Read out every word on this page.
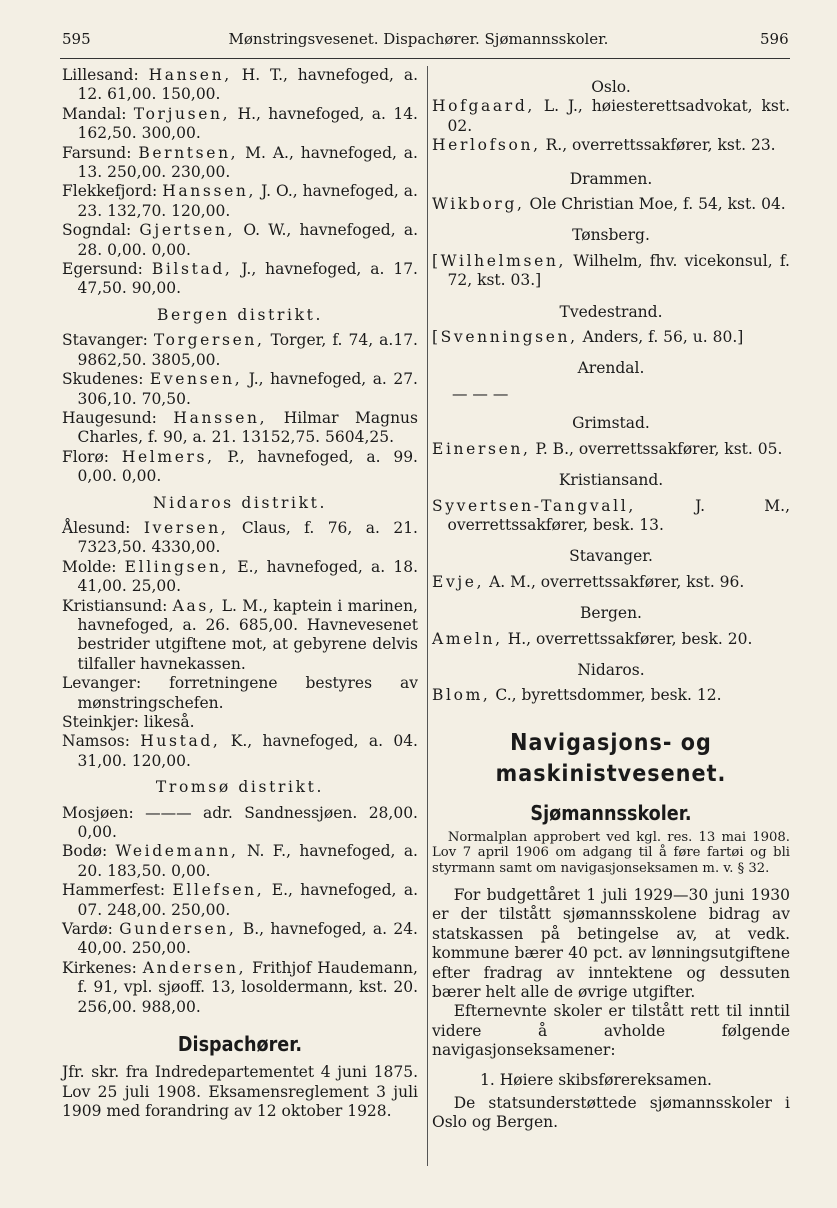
595	Mønstringsvesenet. Dispachører. Sjømannsskoler.	596

Lillesand: Hansen, H. T., havnefoged, a. 12. 61,00. 150,00.

Mandal: Torjusen, H., havnefoged, a. 14. 162,50. 300,00.

Farsund: Berntsen, M. A., havnefoged, a. 13. 250,00. 230,00.

Flekkefjord: Hanssen, J. O., havnefoged, a. 23. 132,70. 120,00.

Sogndal: Gjertsen, O. W., havnefoged, a. 28. 0,00. 0,00.

Egersund: Bilstad, J., havnefoged, a. 17. 47,50. 90,00.

Bergen distrikt.

Stavanger: Torgersen, Torger, f. 74, a.17. 9862,50. 3805,00.

Skudenes: Evensen, J., havnefoged, a. 27. 306,10. 70,50.

Haugesund: Hanssen, Hilmar Magnus Charles, f. 90, a. 21. 13152,75. 5604,25.

Florø: Helmers, P., havnefoged, a. 99. 0,00. 0,00.

Nidaros distrikt.

Ålesund: Iversen, Claus, f. 76, a. 21. 7323,50. 4330,00.

Molde: Ellingsen, E., havnefoged, a. 18. 41,00. 25,00.

Kristiansund: Aas, L. M., kaptein i marinen, havnefoged, a. 26. 685,00. Havnevesenet bestrider utgiftene mot, at gebyrene delvis tilfaller havnekassen.

Levanger: forretningene bestyres av mønstringschefen.

Steinkjer: likeså.

Namsos: Hustad, K., havnefoged, a. 04. 31,00. 120,00.

Tromsø distrikt.

Mosjøen: ——— adr. Sandnessjøen. 28,00. 0,00.

Bodø: Weidemann, N. F., havnefoged, a. 20. 183,50. 0,00.

Hammerfest: Ellefsen, E., havnefoged, a. 07. 248,00. 250,00.

Vardø: Gundersen, B., havnefoged, a. 24. 40,00. 250,00.

Kirkenes: Andersen, Frithjof Haudemann, f. 91, vpl. sjøoff. 13, losoldermann, kst. 20. 256,00. 988,00.

Dispachører.

Jfr. skr. fra Indredepartementet 4 juni 1875. Lov 25 juli 1908. Eksamensreglement 3 juli 1909 med forandring av 12 oktober 1928.

Oslo.

Hofgaard, L. J., høiesterettsadvokat, kst. 02.

Herlofson, R., overrettssakfører, kst. 23.

Drammen.

Wikborg, Ole Christian Moe, f. 54, kst. 04.

Tønsberg.

[Wilhelmsen, Wilhelm, fhv. vicekonsul, f. 72, kst. 03.]

Tvedestrand.

[Svenningsen, Anders, f. 56, u. 80.]

Arendal.
— — —
Grimstad.

Einersen, P. B., overrettssakfører, kst. 05.

Kristiansand.

Syvertsen-Tangvall,	J. M., overrettssakfører, besk. 13.

Stavanger.

Evje, A. M., overrettssakfører, kst. 96.

Bergen.

Ameln, H., overrettssakfører, besk. 20.

Nidaros.

Blom, C., byrettsdommer, besk. 12.

Navigasjons- og maskinistvesenet.
Sjømannsskoler.

Normalplan approbert ved kgl. res. 13 mai 1908. Lov 7 april 1906 om adgang til å føre fartøi og bli styrmann samt om navigasjonseksamen m. v. § 32.

For budgettåret 1 juli 1929—30 juni 1930 er der tilstått sjømannsskolene bidrag av statskassen på betingelse av, at vedk. kommune bærer 40 pct. av lønningsutgiftene efter fradrag av inntektene og dessuten bærer helt alle de øvrige utgifter.

Efternevnte skoler er tilstått rett til inntil videre å avholde følgende navigasjonseksamener:

1. Høiere skibsførereksamen.

De statsunderstøttede sjømannsskoler i Oslo og Bergen.
